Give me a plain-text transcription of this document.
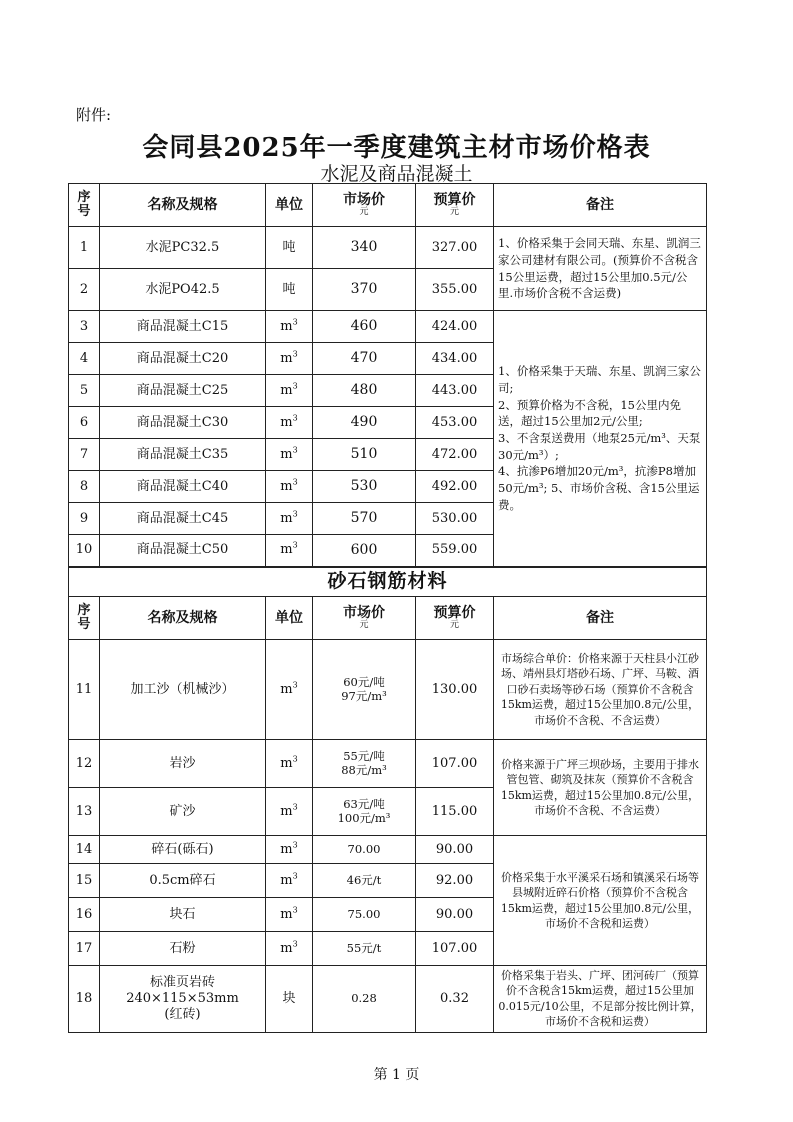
附件:
会同县2025年一季度建筑主材市场价格表
水泥及商品混凝土
序
号	名称及规格	单位	市场价
元	预算价
元	备注
1	水泥PC32.5	吨	340	327.00	1、价格采集于会同天瑞、东星、凯润三家公司建材有限公司。(预算价不含税含15公里运费，超过15公里加0.5元/公里.市场价含税不含运费)
2	水泥PO42.5	吨	370	355.00	
3	商品混凝土C15	$m^3$	460	424.00	1、价格采集于天瑞、东星、凯润三家公司;
2、预算价格为不含税，15公里内免送，超过15公里加2元/公里;
3、不含泵送费用（地泵25元/m³、天泵30元/m³）;
4、抗渗P6增加20元/m³，抗渗P8增加50元/m³; 5、市场价含税、含15公里运费。
4	商品混凝土C20	$m^3$	470	434.00	
5	商品混凝土C25	$m^3$	480	443.00	
6	商品混凝土C30	$m^3$	490	453.00	
7	商品混凝土C35	$m^3$	510	472.00	
8	商品混凝土C40	$m^3$	530	492.00	
9	商品混凝土C45	$m^3$	570	530.00	
10	商品混凝土C50	$m^3$	600	559.00	
砂石钢筋材料					
序
号	名称及规格	单位	市场价
元	预算价
元	备注
11	加工沙（机械沙）	$m^3$	60元/吨
97元/m³	130.00	市场综合单价：价格来源于天柱县小江砂场、靖州县灯塔砂石场、广坪、马鞍、酒口砂石卖场等砂石场（预算价不含税含15km运费，超过15公里加0.8元/公里，市场价不含税、不含运费）
12	岩沙	$m^3$	55元/吨
88元/m³	107.00	价格来源于广坪三坝砂场，主要用于排水管包管、砌筑及抹灰（预算价不含税含15km运费，超过15公里加0.8元/公里，市场价不含税、不含运费）
13	矿沙	$m^3$	63元/吨
100元/m³	115.00	
14	碎石(砾石)	$m^3$	70.00	90.00	价格采集于水平溪采石场和镇溪采石场等县城附近碎石价格（预算价不含税含15km运费，超过15公里加0.8元/公里，市场价不含税和运费）
15	0.5cm碎石	$m^3$	46元/t	92.00	
16	块石	$m^3$	75.00	90.00	
17	石粉	$m^3$	55元/t	107.00	
18	标准页岩砖
240×115×53mm
(红砖)	块	0.28	0.32	价格采集于岩头、广坪、团河砖厂（预算价不含税含15km运费，超过15公里加0.015元/10公里，不足部分按比例计算，市场价不含税和运费）
第 1 页
